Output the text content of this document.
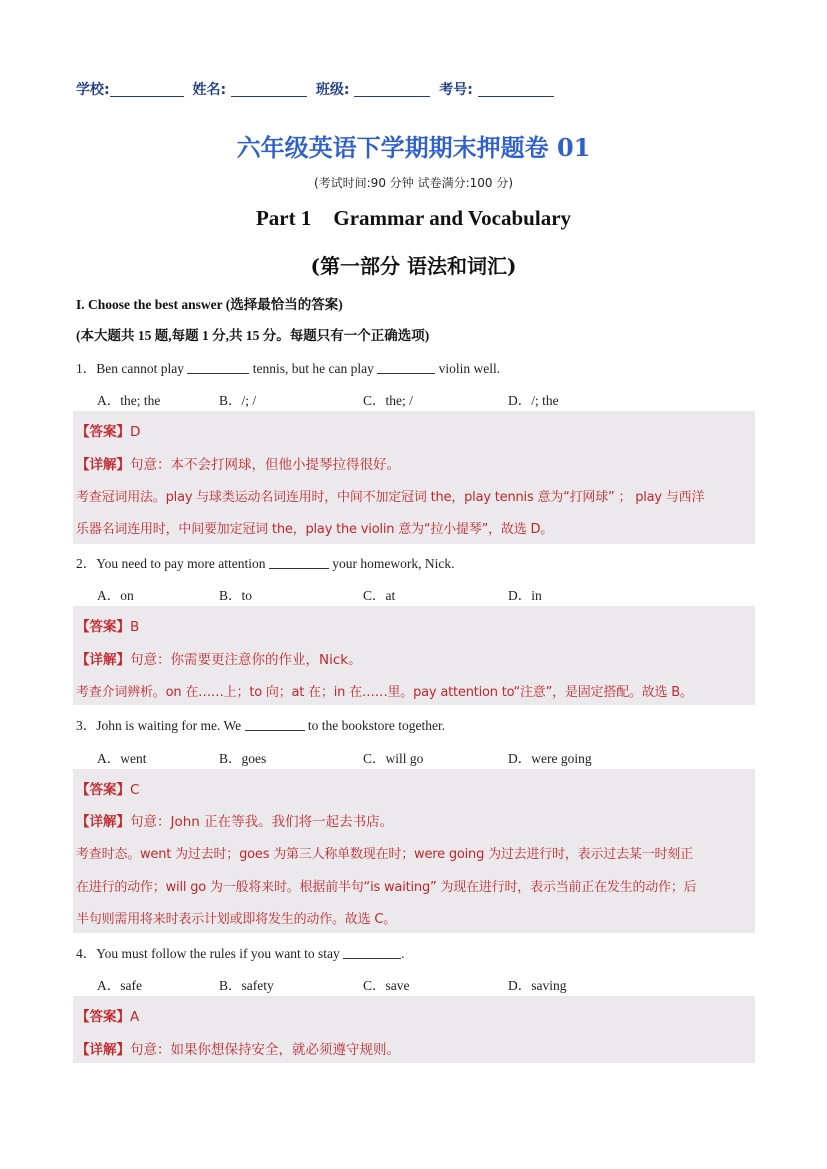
学校:	姓名:	班级:	考号:
六年级英语下学期期末押题卷 01
(考试时间:90 分钟 试卷满分:100 分)
Part 1 Grammar and Vocabulary
(第一部分 语法和词汇)
I. Choose the best answer (选择最恰当的答案)
(本大题共 15 题,每题 1 分,共 15 分。每题只有一个正确选项)
1．Ben cannot play	tennis, but he can play	violin well.
A．the; the	B．/; /	C．the; /	D．/; the
【答案】D
【详解】句意：本不会打网球，但他小提琴拉得很好。
考查冠词用法。play 与球类运动名词连用时，中间不加定冠词 the，play tennis 意为“打网球” ； play 与西洋
乐器名词连用时，中间要加定冠词 the，play the violin 意为“拉小提琴”，故选 D。
2．You need to pay more attention	your homework, Nick.
A．on	B．to	C．at	D．in
【答案】B
【详解】句意：你需要更注意你的作业，Nick。
考查介词辨析。on 在……上；to 向；at 在；in 在……里。pay attention to“注意”，是固定搭配。故选 B。
3．John is waiting for me. We	to the bookstore together.
A．went	B．goes	C．will go	D．were going
【答案】C
【详解】句意：John 正在等我。我们将一起去书店。
考查时态。went 为过去时；goes 为第三人称单数现在时；were going 为过去进行时，表示过去某一时刻正
在进行的动作；will go 为一般将来时。根据前半句“is waiting” 为现在进行时，表示当前正在发生的动作；后
半句则需用将来时表示计划或即将发生的动作。故选 C。
4．You must follow the rules if you want to stay	.
A．safe	B．safety	C．save	D．saving
【答案】A
【详解】句意：如果你想保持安全，就必须遵守规则。
